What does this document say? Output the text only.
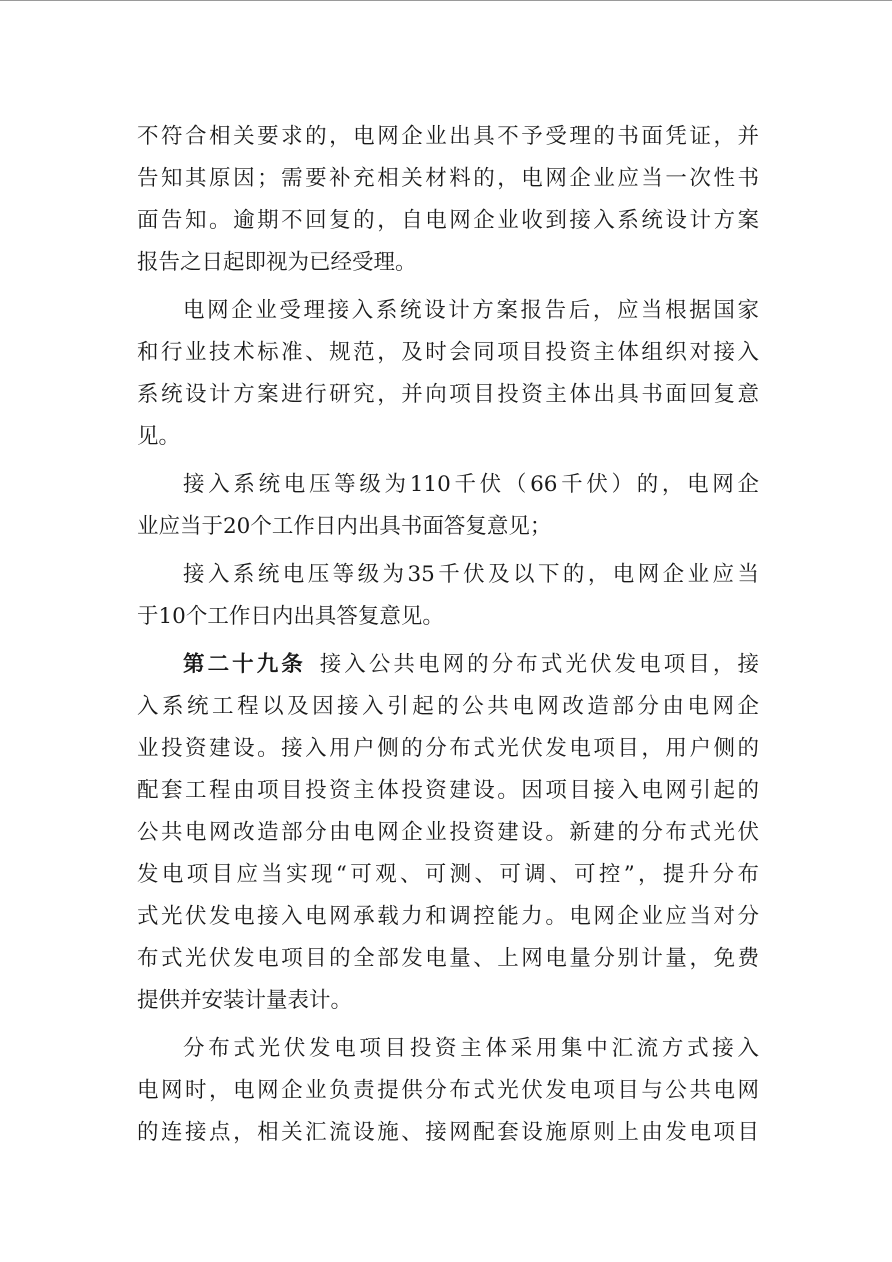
不符合相关要求的，电网企业出具不予受理的书面凭证，并
告知其原因；需要补充相关材料的，电网企业应当一次性书
面告知。逾期不回复的，自电网企业收到接入系统设计方案
报告之日起即视为已经受理。
电网企业受理接入系统设计方案报告后，应当根据国家
和行业技术标准、规范，及时会同项目投资主体组织对接入
系统设计方案进行研究，并向项目投资主体出具书面回复意
见。
接入系统电压等级为110千伏（66千伏）的，电网企
业应当于20个工作日内出具书面答复意见；
接入系统电压等级为35千伏及以下的，电网企业应当
于10个工作日内出具答复意见。
第二十九条  接入公共电网的分布式光伏发电项目，接
入系统工程以及因接入引起的公共电网改造部分由电网企
业投资建设。接入用户侧的分布式光伏发电项目，用户侧的
配套工程由项目投资主体投资建设。因项目接入电网引起的
公共电网改造部分由电网企业投资建设。新建的分布式光伏
发电项目应当实现“可观、可测、可调、可控”，提升分布
式光伏发电接入电网承载力和调控能力。电网企业应当对分
布式光伏发电项目的全部发电量、上网电量分别计量，免费
提供并安装计量表计。
分布式光伏发电项目投资主体采用集中汇流方式接入
电网时，电网企业负责提供分布式光伏发电项目与公共电网
的连接点，相关汇流设施、接网配套设施原则上由发电项目
